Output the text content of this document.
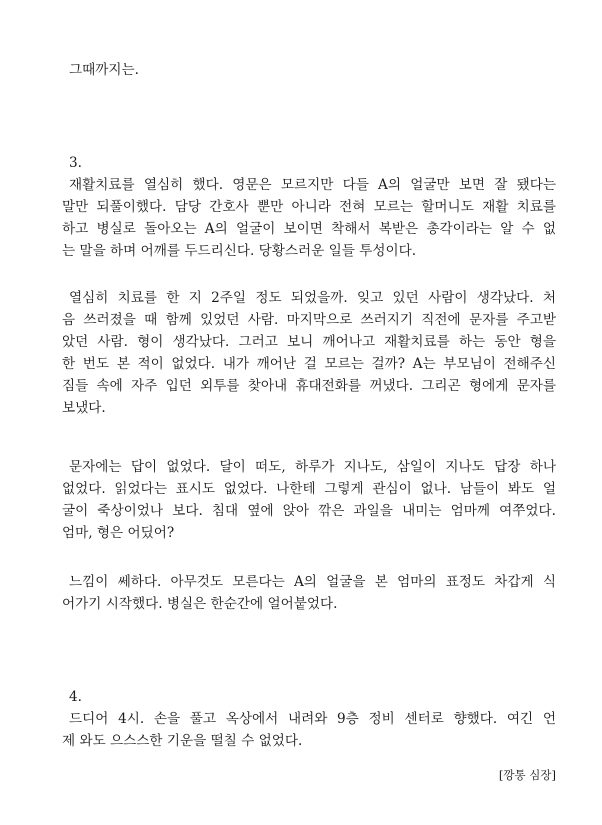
그때까지는.
3.
재활치료를 열심히 했다. 영문은 모르지만 다들 A의 얼굴만 보면 잘 됐다는
말만 되풀이했다. 담당 간호사 뿐만 아니라 전혀 모르는 할머니도 재활 치료를
하고 병실로 돌아오는 A의 얼굴이 보이면 착해서 복받은 총각이라는 알 수 없
는 말을 하며 어깨를 두드리신다. 당황스러운 일들 투성이다.
열심히 치료를 한 지 2주일 정도 되었을까. 잊고 있던 사람이 생각났다. 처
음 쓰러졌을 때 함께 있었던 사람. 마지막으로 쓰러지기 직전에 문자를 주고받
았던 사람. 형이 생각났다. 그러고 보니 깨어나고 재활치료를 하는 동안 형을
한 번도 본 적이 없었다. 내가 깨어난 걸 모르는 걸까? A는 부모님이 전해주신
짐들 속에 자주 입던 외투를 찾아내 휴대전화를 꺼냈다. 그리곤 형에게 문자를
보냈다.
문자에는 답이 없었다. 달이 떠도, 하루가 지나도, 삼일이 지나도 답장 하나
없었다. 읽었다는 표시도 없었다. 나한테 그렇게 관심이 없나. 남들이 봐도 얼
굴이 죽상이었나 보다. 침대 옆에 앉아 깎은 과일을 내미는 엄마께 여쭈었다.
엄마, 형은 어딨어?
느낌이 쎄하다. 아무것도 모른다는 A의 얼굴을 본 엄마의 표정도 차갑게 식
어가기 시작했다. 병실은 한순간에 얼어붙었다.
4.
드디어 4시. 손을 풀고 옥상에서 내려와 9층 정비 센터로 향했다. 여긴 언
제 와도 으스스한 기운을 떨칠 수 없었다.
[깡통 심장]
